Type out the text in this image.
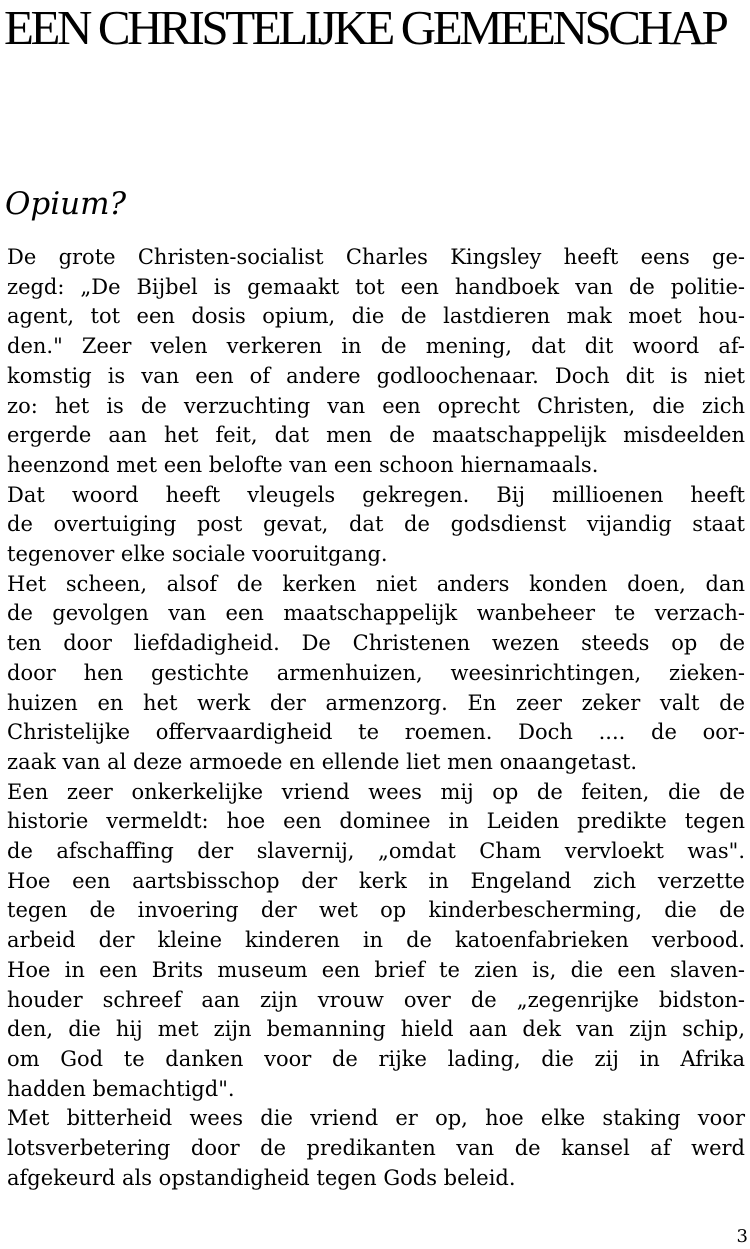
EEN CHRISTELIJKE GEMEENSCHAP
Opium?

De grote Christen-socialist Charles Kingsley heeft eens ge-
zegd: „De Bijbel is gemaakt tot een handboek van de politie-
agent, tot een dosis opium, die de lastdieren mak moet hou-
den." Zeer velen verkeren in de mening, dat dit woord af-
komstig is van een of andere godloochenaar. Doch dit is niet
zo: het is de verzuchting van een oprecht Christen, die zich
ergerde aan het feit, dat men de maatschappelijk misdeelden
heenzond met een belofte van een schoon hiernamaals.

Dat woord heeft vleugels gekregen. Bij millioenen heeft
de overtuiging post gevat, dat de godsdienst vijandig staat
tegenover elke sociale vooruitgang.

Het scheen, alsof de kerken niet anders konden doen, dan
de gevolgen van een maatschappelijk wanbeheer te verzach-
ten door liefdadigheid. De Christenen wezen steeds op de
door hen gestichte armenhuizen, weesinrichtingen, zieken-
huizen en het werk der armenzorg. En zeer zeker valt de
Christelijke offervaardigheid te roemen. Doch .... de oor-
zaak van al deze armoede en ellende liet men onaangetast.

Een zeer onkerkelijke vriend wees mij op de feiten, die de
historie vermeldt: hoe een dominee in Leiden predikte tegen
de afschaffing der slavernij, „omdat Cham vervloekt was".
Hoe een aartsbisschop der kerk in Engeland zich verzette
tegen de invoering der wet op kinderbescherming, die de
arbeid der kleine kinderen in de katoenfabrieken verbood.
Hoe in een Brits museum een brief te zien is, die een slaven-
houder schreef aan zijn vrouw over de „zegenrijke bidston-
den, die hij met zijn bemanning hield aan dek van zijn schip,
om God te danken voor de rijke lading, die zij in Afrika
hadden bemachtigd".

Met bitterheid wees die vriend er op, hoe elke staking voor
lotsverbetering door de predikanten van de kansel af werd
afgekeurd als opstandigheid tegen Gods beleid.

3
